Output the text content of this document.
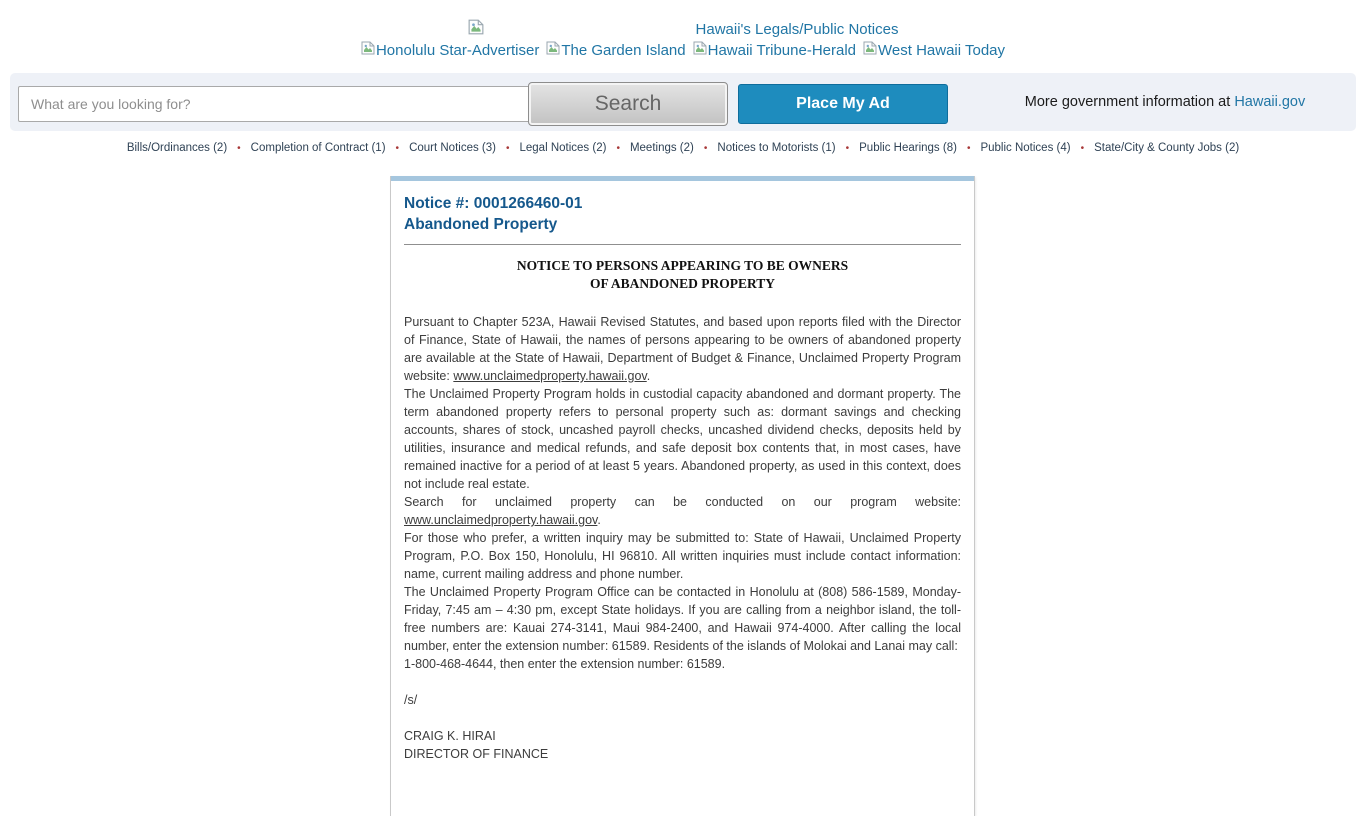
Hawaii's Legals/Public Notices
Honolulu Star-Advertiser The Garden Island Hawaii Tribune-Herald West Hawaii Today
What are you looking for?
Search	Place My Ad	More government information at Hawaii.gov
Bills/Ordinances (2) • Completion of Contract (1) • Court Notices (3) • Legal Notices (2) • Meetings (2) • Notices to Motorists (1) • Public Hearings (8) • Public Notices (4) • State/City & County Jobs (2)
Notice #: 0001266460-01
Abandoned Property
NOTICE TO PERSONS APPEARING TO BE OWNERS
OF ABANDONED PROPERTY

Pursuant to Chapter 523A, Hawaii Revised Statutes, and based upon reports filed with the Director of Finance, State of Hawaii, the names of persons appearing to be owners of abandoned property are available at the State of Hawaii, Department of Budget & Finance, Unclaimed Property Program website: www.unclaimedproperty.hawaii.gov.

The Unclaimed Property Program holds in custodial capacity abandoned and dormant property. The term abandoned property refers to personal property such as: dormant savings and checking accounts, shares of stock, uncashed payroll checks, uncashed dividend checks, deposits held by utilities, insurance and medical refunds, and safe deposit box contents that, in most cases, have remained inactive for a period of at least 5 years. Abandoned property, as used in this context, does not include real estate.

Search for unclaimed property can be conducted on our program website: www.unclaimedproperty.hawaii.gov.

For those who prefer, a written inquiry may be submitted to: State of Hawaii, Unclaimed Property Program, P.O. Box 150, Honolulu, HI 96810. All written inquiries must include contact information: name, current mailing address and phone number.

The Unclaimed Property Program Office can be contacted in Honolulu at (808) 586-1589, Monday-Friday, 7:45 am – 4:30 pm, except State holidays. If you are calling from a neighbor island, the toll-free numbers are: Kauai 274-3141, Maui 984-2400, and Hawaii 974-4000. After calling the local number, enter the extension number: 61589. Residents of the islands of Molokai and Lanai may call:

1-800-468-4644, then enter the extension number: 61589.

/s/

CRAIG K. HIRAI

DIRECTOR OF FINANCE
